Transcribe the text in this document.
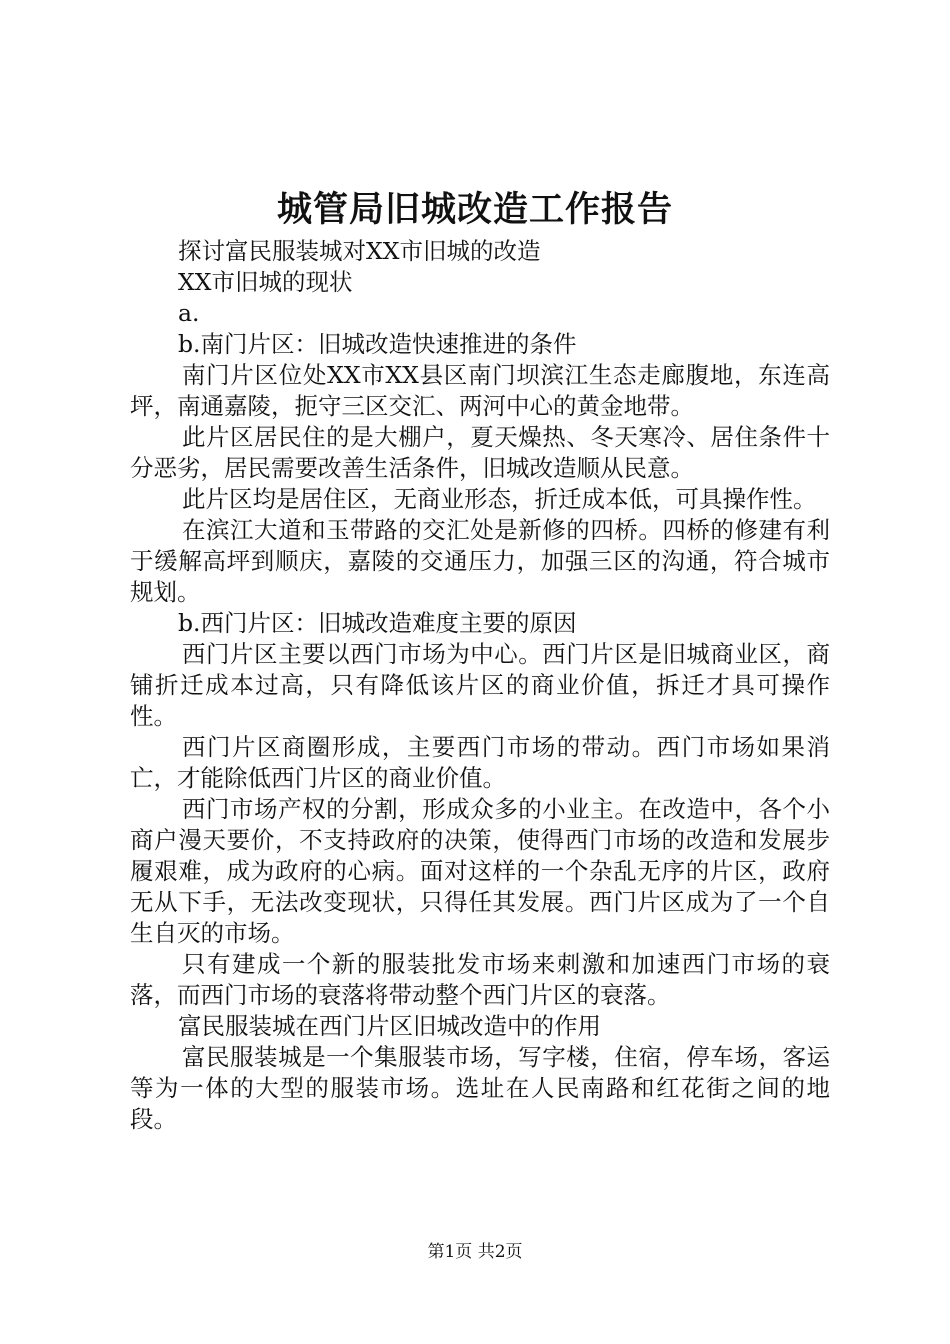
城管局旧城改造工作报告

探讨富民服装城对XX市旧城的改造

XX市旧城的现状

a.

b.南门片区：旧城改造快速推进的条件

南门片区位处XX市XX县区南门坝滨江生态走廊腹地，东连高坪，南通嘉陵，扼守三区交汇、两河中心的黄金地带。

此片区居民住的是大棚户，夏天燥热、冬天寒冷、居住条件十分恶劣，居民需要改善生活条件，旧城改造顺从民意。

此片区均是居住区，无商业形态，折迁成本低，可具操作性。

在滨江大道和玉带路的交汇处是新修的四桥。四桥的修建有利于缓解高坪到顺庆，嘉陵的交通压力，加强三区的沟通，符合城市规划。

b.西门片区：旧城改造难度主要的原因

西门片区主要以西门市场为中心。西门片区是旧城商业区，商铺折迁成本过高，只有降低该片区的商业价值，拆迁才具可操作性。

西门片区商圈形成，主要西门市场的带动。西门市场如果消亡，才能除低西门片区的商业价值。

西门市场产权的分割，形成众多的小业主。在改造中，各个小商户漫天要价，不支持政府的决策，使得西门市场的改造和发展步履艰难，成为政府的心病。面对这样的一个杂乱无序的片区，政府无从下手，无法改变现状，只得任其发展。西门片区成为了一个自生自灭的市场。

只有建成一个新的服装批发市场来刺激和加速西门市场的衰落，而西门市场的衰落将带动整个西门片区的衰落。

富民服装城在西门片区旧城改造中的作用

富民服装城是一个集服装市场，写字楼，住宿，停车场，客运等为一体的大型的服装市场。选址在人民南路和红花街之间的地段。

第1页 共2页
